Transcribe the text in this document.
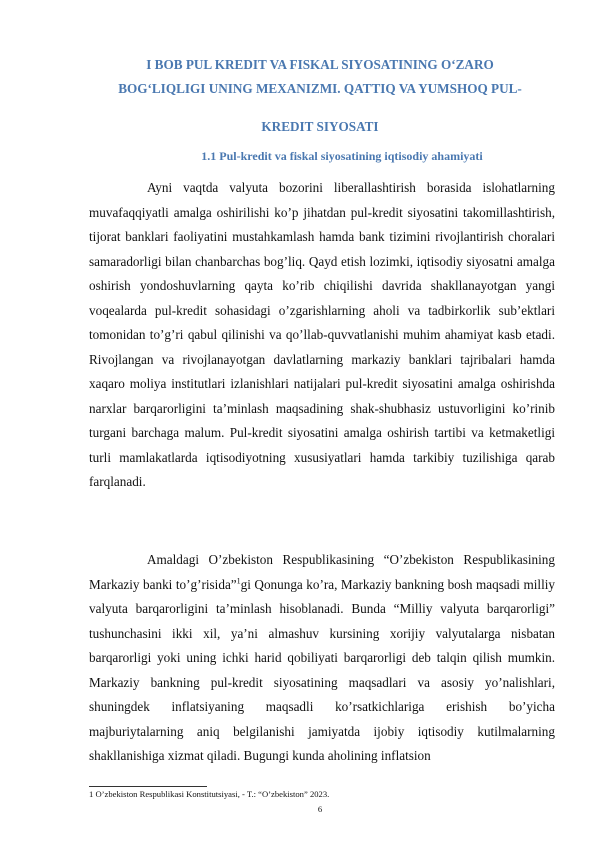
I BOB PUL KREDIT VA FISKAL SIYOSATINING O‘ZARO

BOG‘LIQLIGI UNING MEXANIZMI. QATTIQ VA YUMSHOQ PUL-

KREDIT SIYOSATI

1.1 Pul-kredit va fiskal siyosatining iqtisodiy ahamiyati

Ayni vaqtda valyuta bozorini liberallashtirish borasida islohatlarning muvafaqqiyatli amalga oshirilishi ko’p jihatdan pul-kredit siyosatini takomillashtirish, tijorat banklari faoliyatini mustahkamlash hamda bank tizimini rivojlantirish choralari samaradorligi bilan chanbarchas bog’liq. Qayd etish lozimki, iqtisodiy siyosatni amalga oshirish yondoshuvlarning qayta ko’rib chiqilishi davrida shakllanayotgan yangi voqealarda pul-kredit sohasidagi o’zgarishlarning aholi va tadbirkorlik sub’ektlari tomonidan to’g’ri qabul qilinishi va qo’llab-quvvatlanishi muhim ahamiyat kasb etadi. Rivojlangan va rivojlanayotgan davlatlarning markaziy banklari tajribalari hamda xaqaro moliya institutlari izlanishlari natijalari pul-kredit siyosatini amalga oshirishda narxlar barqarorligini ta’minlash maqsadining shak-shubhasiz ustuvorligini ko’rinib turgani barchaga malum. Pul-kredit siyosatini amalga oshirish tartibi va ketmaketligi turli mamlakatlarda iqtisodiyotning xususiyatlari hamda tarkibiy tuzilishiga qarab farqlanadi.

Amaldagi O’zbekiston Respublikasining “O’zbekiston Respublikasining Markaziy banki to’g’risida”$^1$gi Qonunga ko’ra, Markaziy bankning bosh maqsadi milliy valyuta barqarorligini ta’minlash hisoblanadi. Bunda “Milliy valyuta barqarorligi” tushunchasini ikki xil, ya’ni almashuv kursining xorijiy valyutalarga nisbatan barqarorligi yoki uning ichki harid qobiliyati barqarorligi deb talqin qilish mumkin. Markaziy bankning pul-kredit siyosatining maqsadlari va asosiy yo’nalishlari, shuningdek inflatsiyaning maqsadli ko’rsatkichlariga erishish bo’yicha majburiytalarning aniq belgilanishi jamiyatda ijobiy iqtisodiy kutilmalarning shakllanishiga xizmat qiladi. Bugungi kunda aholining inflatsion

1 O’zbekiston Respublikasi Konstitutsiyasi, - T.: “O’zbekiston” 2023.

6
